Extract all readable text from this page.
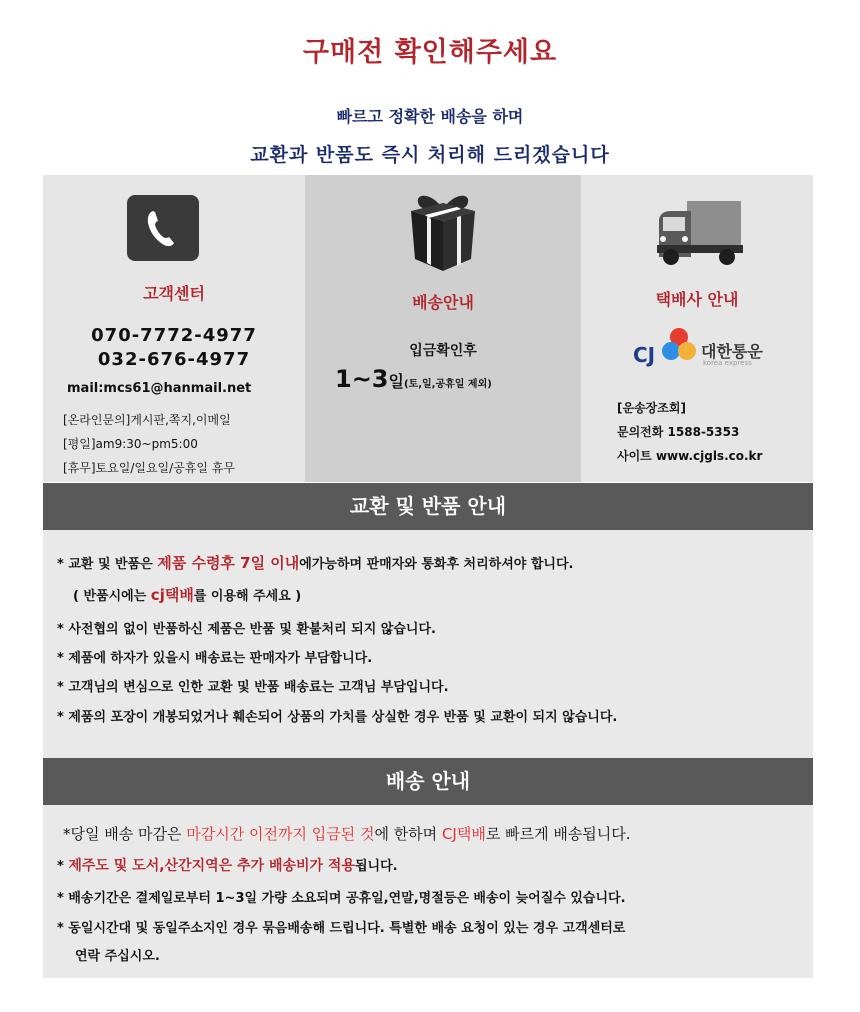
구매전 확인해주세요
빠르고 정확한 배송을 하며
교환과 반품도 즉시 처리해 드리겠습니다
고객센터
070-7772-4977
032-676-4977
mail:mcs61@hanmail.net
[온라인문의]게시판,쪽지,이메일
[평일]am9:30~pm5:00
[휴무]토요일/일요일/공휴일 휴무
배송안내
입금확인후
1~3일(토,일,공휴일 제외)
택배사 안내
CJ	대한통운
korea express
[운송장조회]
문의전화 1588-5353
사이트 www.cjgls.co.kr
교환 및 반품 안내
* 교환 및 반품은 제품 수령후 7일 이내에가능하며 판매자와 통화후 처리하셔야 합니다.
( 반품시에는 cj택배를 이용해 주세요 )
* 사전협의 없이 반품하신 제품은 반품 및 환불처리 되지 않습니다.
* 제품에 하자가 있을시 배송료는 판매자가 부담합니다.
* 고객님의 변심으로 인한 교환 및 반품 배송료는 고객님 부담입니다.
* 제품의 포장이 개봉되었거나 훼손되어 상품의 가치를 상실한 경우 반품 및 교환이 되지 않습니다.
배송 안내
*당일 배송 마감은 마감시간 이전까지 입금된 것에 한하며 CJ택배로 빠르게 배송됩니다.
* 제주도 및 도서,산간지역은 추가 배송비가 적용됩니다.
* 배송기간은 결제일로부터 1~3일 가량 소요되며 공휴일,연말,명절등은 배송이 늦어질수 있습니다.
* 동일시간대 및 동일주소지인 경우 묶음배송해 드립니다. 특별한 배송 요청이 있는 경우 고객센터로
연락 주십시오.
